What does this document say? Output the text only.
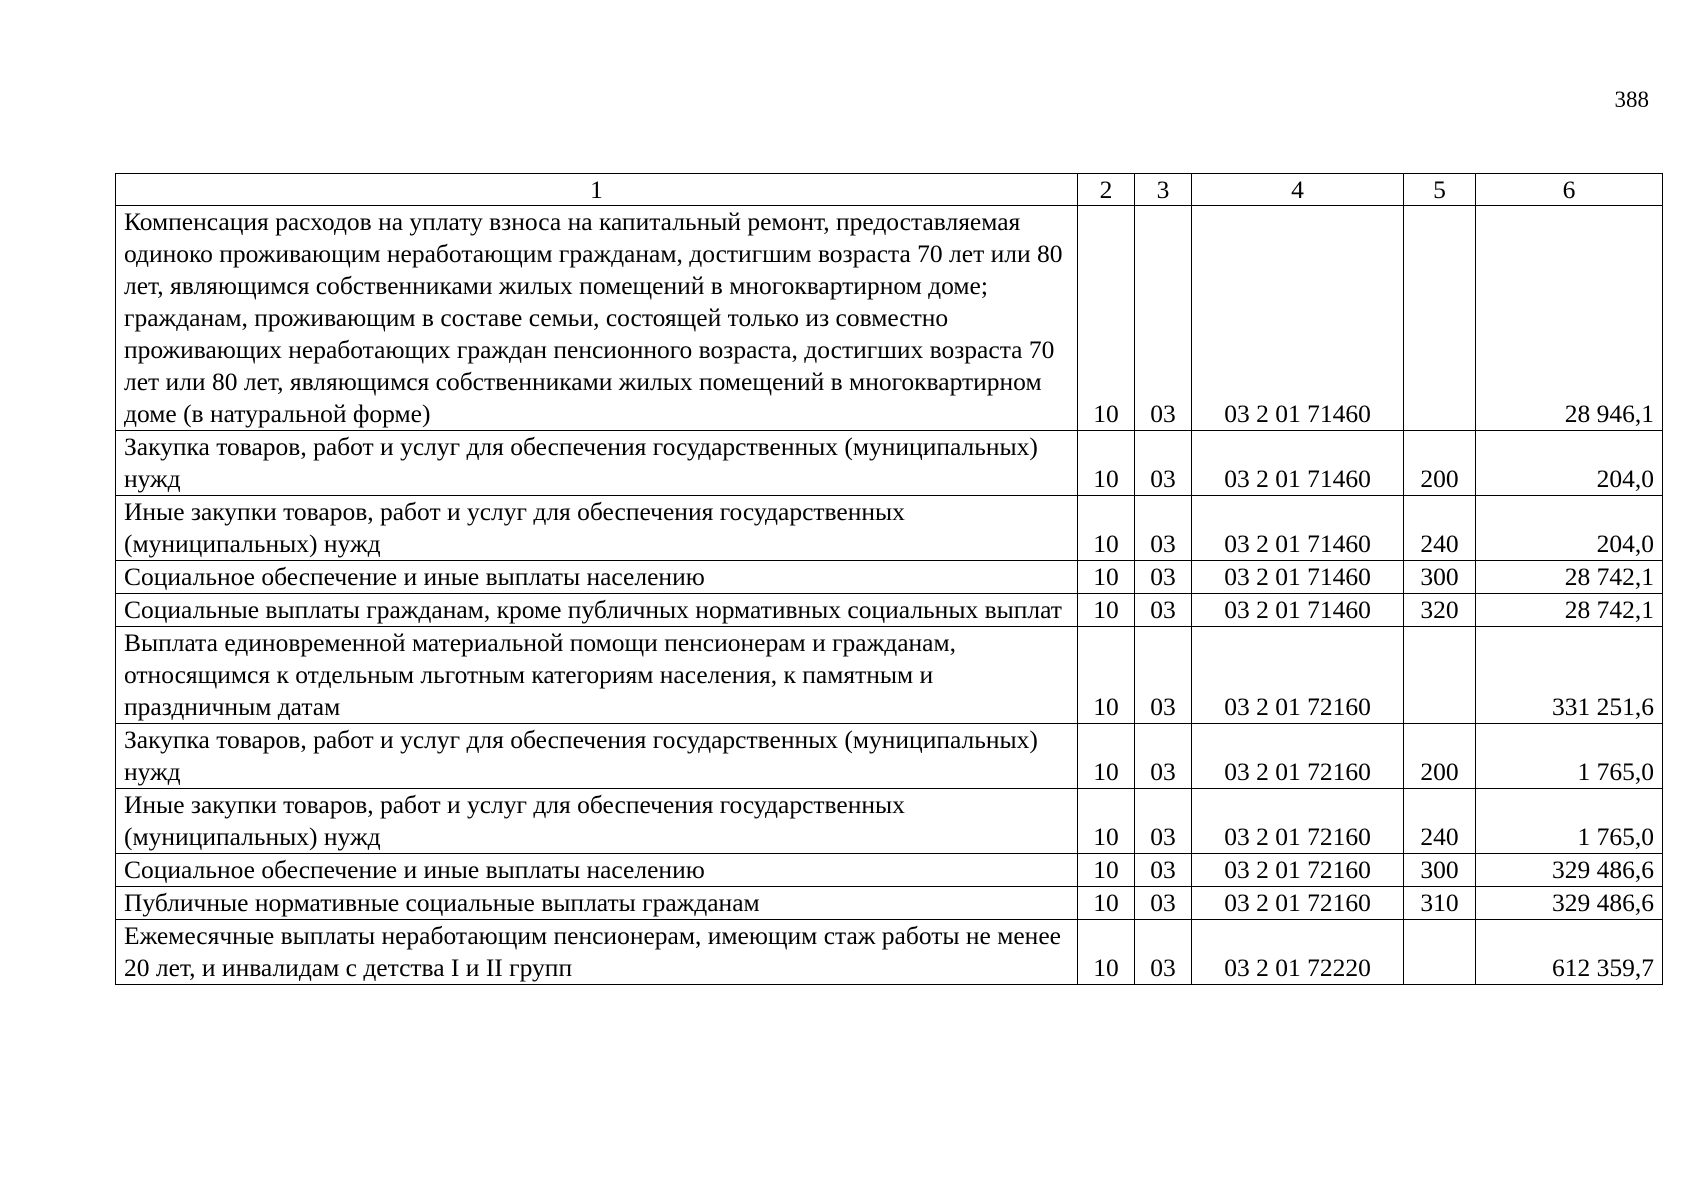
388
1	2	3	4	5	6
Компенсация расходов на уплату взноса на капитальный ремонт, предоставляемая одиноко проживающим неработающим гражданам, достигшим возраста 70 лет или 80 лет, являющимся собственниками жилых помещений в многоквартирном доме; гражданам, проживающим в составе семьи, состоящей только из совместно проживающих неработающих граждан пенсионного возраста, достигших возраста 70 лет или 80 лет, являющимся собственниками жилых помещений в многоквартирном доме (в натуральной форме)	10	03	03 2 01 71460		28 946,1
Закупка товаров, работ и услуг для обеспечения государственных (муниципальных) нужд	10	03	03 2 01 71460	200	204,0
Иные закупки товаров, работ и услуг для обеспечения государственных (муниципальных) нужд	10	03	03 2 01 71460	240	204,0
Социальное обеспечение и иные выплаты населению	10	03	03 2 01 71460	300	28 742,1
Социальные выплаты гражданам, кроме публичных нормативных социальных выплат	10	03	03 2 01 71460	320	28 742,1
Выплата единовременной материальной помощи пенсионерам и гражданам, относящимся к отдельным льготным категориям населения, к памятным и праздничным датам	10	03	03 2 01 72160		331 251,6
Закупка товаров, работ и услуг для обеспечения государственных (муниципальных) нужд	10	03	03 2 01 72160	200	1 765,0
Иные закупки товаров, работ и услуг для обеспечения государственных (муниципальных) нужд	10	03	03 2 01 72160	240	1 765,0
Социальное обеспечение и иные выплаты населению	10	03	03 2 01 72160	300	329 486,6
Публичные нормативные социальные выплаты гражданам	10	03	03 2 01 72160	310	329 486,6
Ежемесячные выплаты неработающим пенсионерам, имеющим стаж работы не менее 20 лет, и инвалидам с детства I и II групп	10	03	03 2 01 72220		612 359,7
